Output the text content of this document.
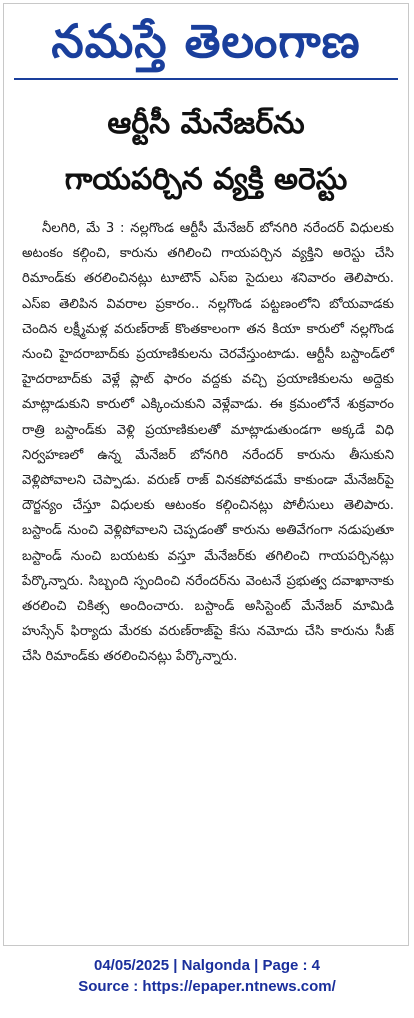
నమస్తే తెలంగాణ
ఆర్టీసీ మేనేజర్‌ను
గాయపర్చిన వ్యక్తి అరెస్టు
నీలగిరి, మే 3 : నల్లగొండ ఆర్టీసీ మేనేజర్ బోనగిరి నరేందర్ విధులకు అటంకం కల్గించి, కారును తగిలించి గాయపర్చిన వ్యక్తిని అరెస్టు చేసి రిమాండ్‌కు తరలించినట్లు టూటౌన్ ఎస్ఐ సైదులు శనివారం తెలిపారు. ఎస్ఐ తెలిపిన వివరాల ప్రకారం.. నల్లగొండ పట్టణంలోని బోయవాడకు చెందిన లక్ష్మీమళ్ల వరుణ్‌రాజ్ కొంతకాలంగా తన కియా కారులో నల్లగొండ నుంచి హైదరాబాద్‌కు ప్రయాణికులను చెరవేస్తుంటాడు. ఆర్టీసీ బస్టాండ్‌లో హైదరాబాద్‌కు వెళ్లే ప్లాట్ ఫారం వద్దకు వచ్చి ప్రయాణికులను అద్దెకు మాట్లాడుకుని కారులో ఎక్కించుకుని వెళ్లేవాడు. ఈ క్రమంలోనే శుక్రవారం రాత్రి బస్టాండ్‌కు వెళ్లి ప్రయాణికులతో మాట్లాడుతుండగా అక్కడే విధి నిర్వహణలో ఉన్న మేనేజర్ బోనగిరి నరేందర్ కారును తీసుకుని వెళ్లిపోవాలని చెప్పాడు. వరుణ్ రాజ్ వినకపోవడమే కాకుండా మేనేజర్‌పై దౌర్జన్యం చేస్తూ విధులకు ఆటంకం కల్గించినట్లు పోలీసులు తెలిపారు. బస్టాండ్ నుంచి వెళ్లిపోవాలని చెప్పడంతో కారును అతివేగంగా నడుపుతూ బస్టాండ్ నుంచి బయటకు వస్తూ మేనేజర్‌కు తగిలించి గాయపర్చినట్లు పేర్కొన్నారు. సిబ్బంది స్పందించి నరేందర్‌ను వెంటనే ప్రభుత్వ దవాఖానాకు తరలించి చికిత్స అందించారు. బస్టాండ్ అసిస్టెంట్ మేనేజర్ మామిడి హుస్సేన్ ఫిర్యాదు మేరకు వరుణ్‌రాజ్‌పై కేసు నమోదు చేసి కారును సీజ్ చేసి రిమాండ్‌కు తరలించినట్లు పేర్కొన్నారు.
04/05/2025 | Nalgonda | Page : 4
Source : https://epaper.ntnews.com/
